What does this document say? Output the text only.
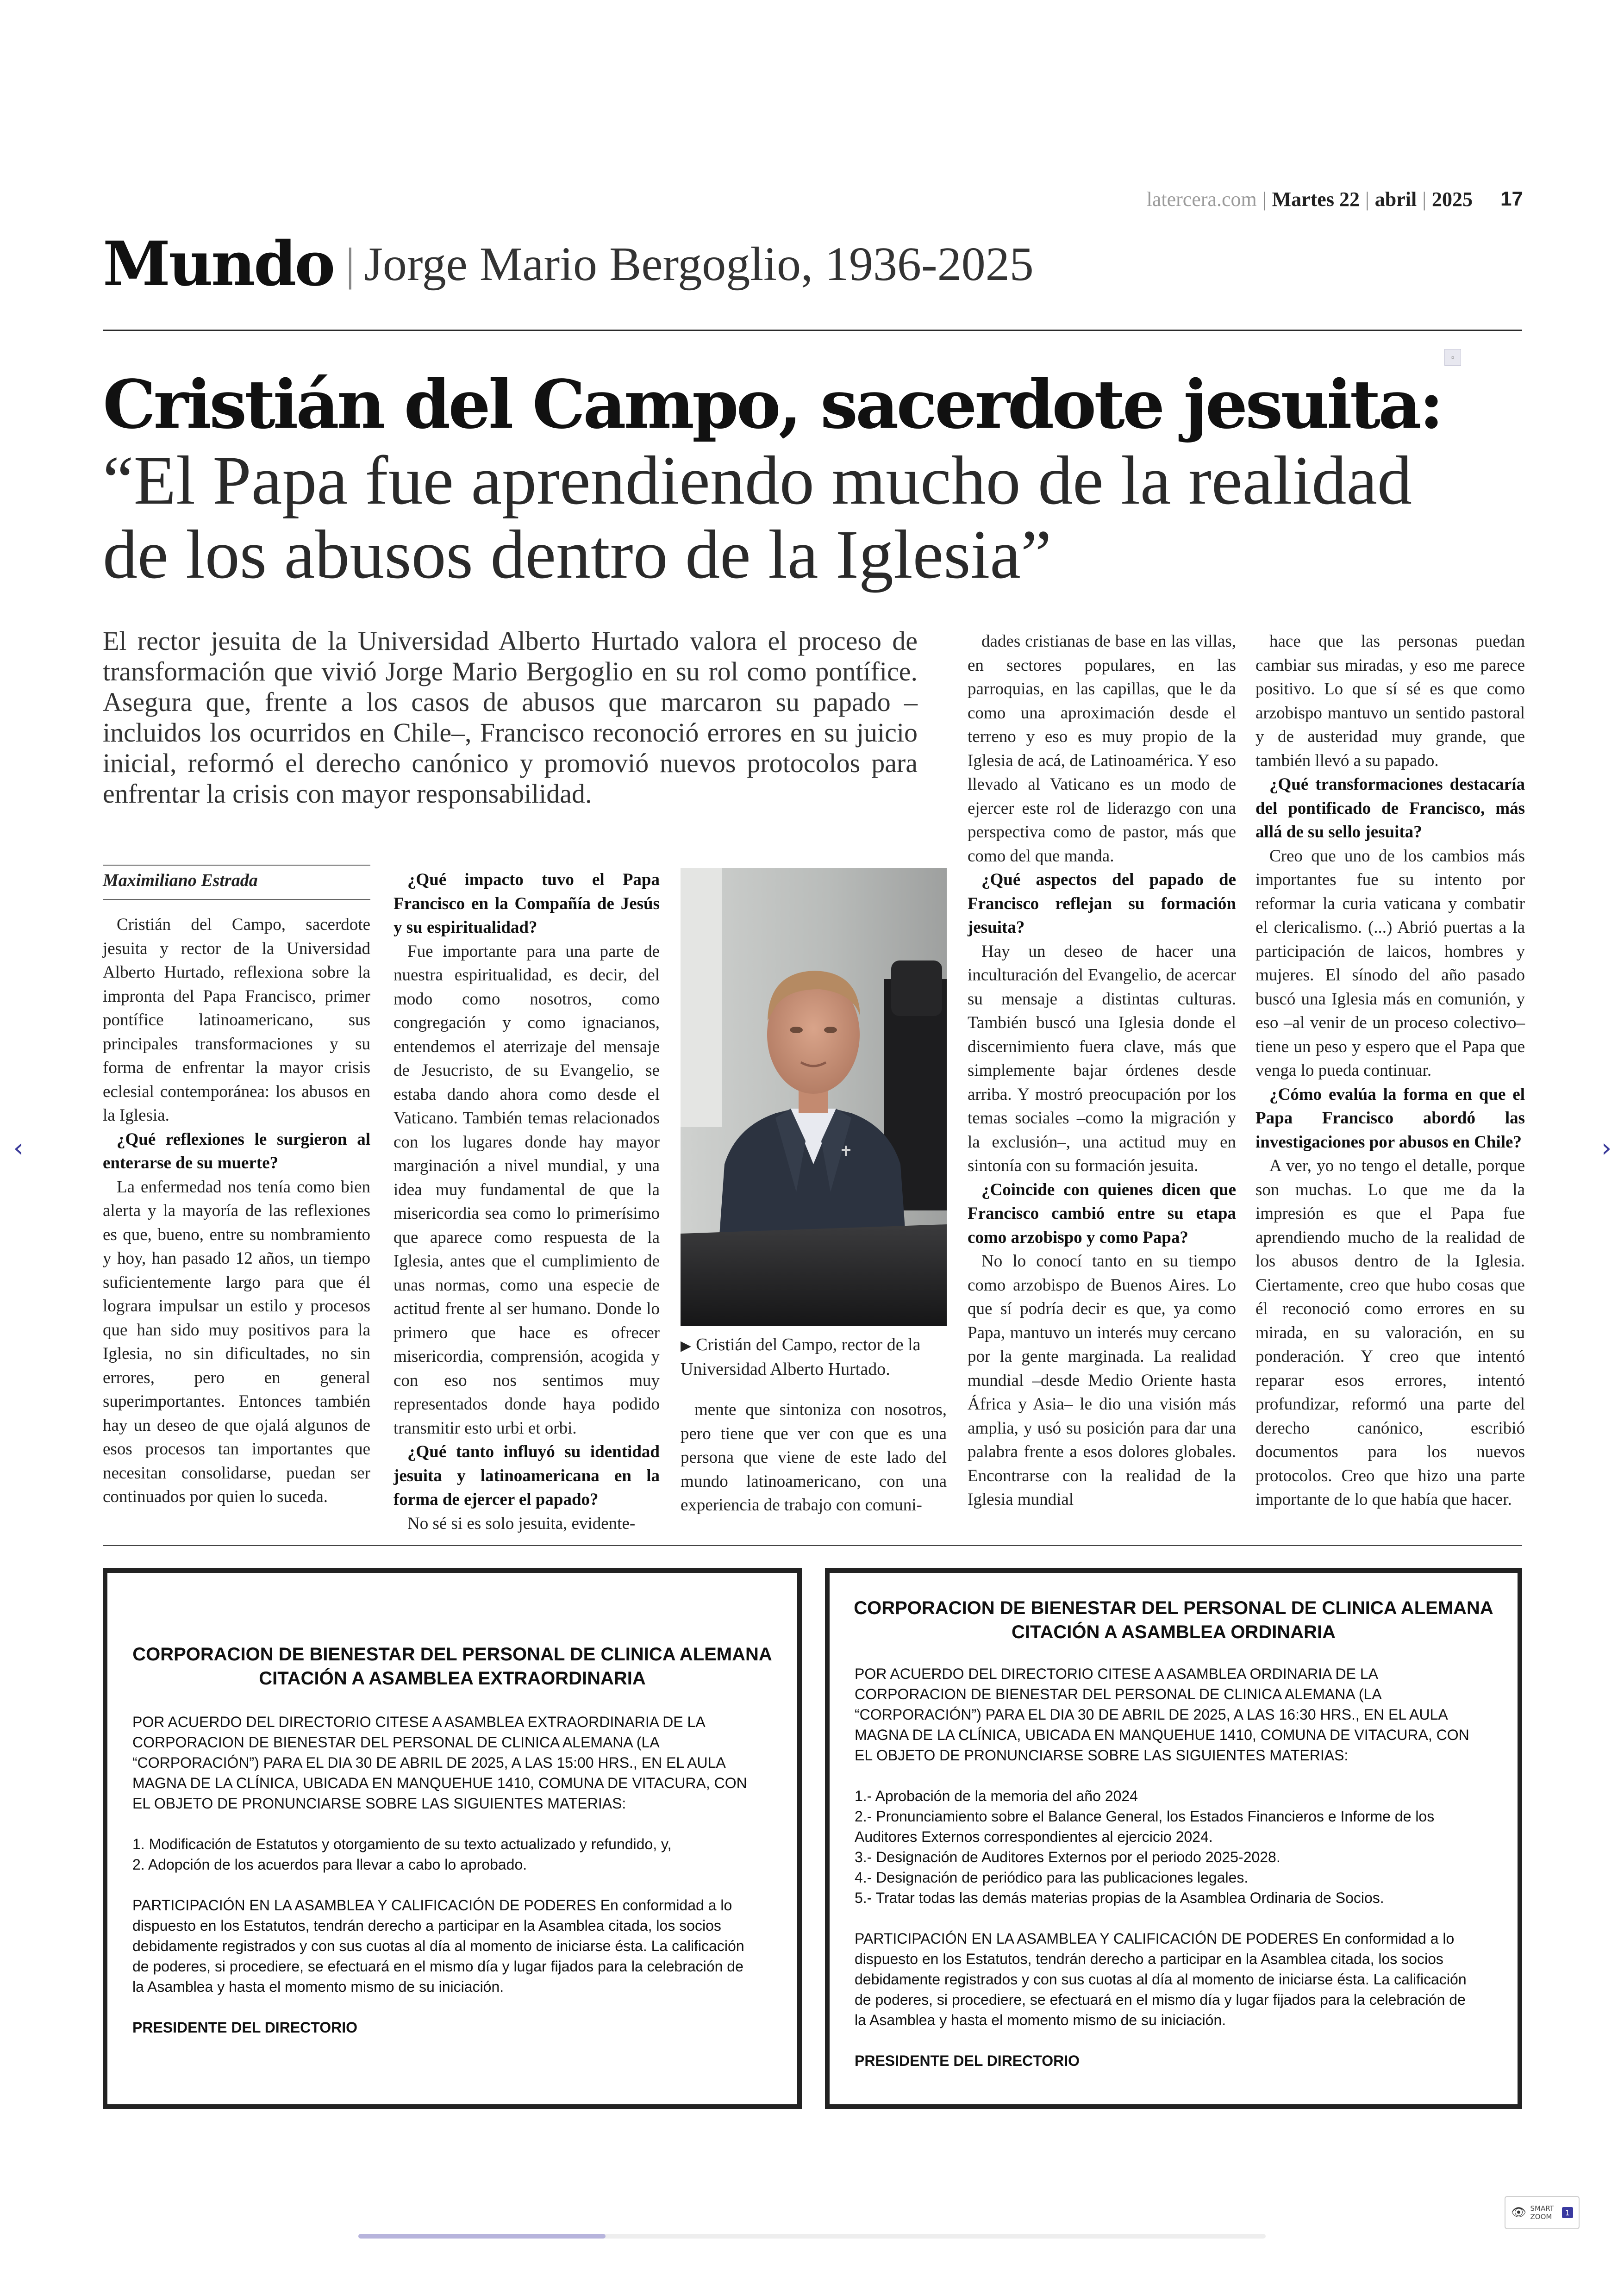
latercera.com | Martes
22 | abril | 2025 17
Mundo | Jorge Mario Bergoglio, 1936-2025
▫
Cristián del Campo, sacerdote jesuita:
“El Papa fue aprendiendo mucho de la realidad de los abusos dentro de la Iglesia”
El rector jesuita de la Universidad Alberto Hurtado valora el proceso de transformación que vivió Jorge Mario Bergoglio en su rol como pontífice. Asegura que, frente a los casos de abusos que marcaron su papado –incluidos los ocurridos en Chile–, Francisco reconoció errores en su juicio inicial, reformó el derecho canónico y promovió nuevos protocolos para enfrentar la crisis con mayor responsabilidad.
Maximiliano Estrada

Cristián del Campo, sacerdote jesuita y rector de la Universidad Alberto Hurtado, reflexiona sobre la impronta del Papa Francisco, primer pontífice latinoamericano, sus principales transformaciones y su forma de enfrentar la mayor crisis eclesial contemporánea: los abusos en la Iglesia.

¿Qué reflexiones le surgieron al enterarse de su muerte?

La enfermedad nos tenía como bien alerta y la mayoría de las reflexiones es que, bueno, entre su nombramiento y hoy, han pasado 12 años, un tiempo suficientemente largo para que él lograra impulsar un estilo y procesos que han sido muy positivos para la Iglesia, no sin dificultades, no sin errores, pero en general superimportantes. Entonces también hay un deseo de que ojalá algunos de esos procesos tan importantes que necesitan consolidarse, puedan ser continuados por quien lo suceda.

¿Qué impacto tuvo el Papa Francisco en la Compañía de Jesús y su espiritualidad?

Fue importante para una parte de nuestra espiritualidad, es decir, del modo como nosotros, como congregación y como ignacianos, entendemos el aterrizaje del mensaje de Jesucristo, de su Evangelio, se estaba dando ahora como desde el Vaticano. También temas relacionados con los lugares donde hay mayor marginación a nivel mundial, y una idea muy fundamental de que la misericordia sea como lo primerísimo que aparece como respuesta de la Iglesia, antes que el cumplimiento de unas normas, como una especie de actitud frente al ser humano. Donde lo primero que hace es ofrecer misericordia, comprensión, acogida y con eso nos sentimos muy representados donde haya podido transmitir esto urbi et orbi.

¿Qué tanto influyó su identidad jesuita y latinoamericana en la forma de ejercer el papado?

No sé si es solo jesuita, evidente-

mente que sintoniza con nosotros, pero tiene que ver con que es una persona que viene de este lado del mundo latinoamericano, con una experiencia de trabajo con comuni-

dades cristianas de base en las villas, en sectores populares, en las parroquias, en las capillas, que le da como una aproximación desde el terreno y eso es muy propio de la Iglesia de acá, de Latinoamérica. Y eso llevado al Vaticano es un modo de ejercer este rol de liderazgo con una perspectiva como de pastor, más que como del que manda.

¿Qué aspectos del papado de Francisco reflejan su formación jesuita?

Hay un deseo de hacer una inculturación del Evangelio, de acercar su mensaje a distintas culturas. También buscó una Iglesia donde el discernimiento fuera clave, más que simplemente bajar órdenes desde arriba. Y mostró preocupación por los temas sociales –como la migración y la exclusión–, una actitud muy en sintonía con su formación jesuita.

¿Coincide con quienes dicen que Francisco cambió entre su etapa como arzobispo y como Papa?

No lo conocí tanto en su tiempo como arzobispo de Buenos Aires. Lo que sí podría decir es que, ya como Papa, mantuvo un interés muy cercano por la gente marginada. La realidad mundial –desde Medio Oriente hasta África y Asia– le dio una visión más amplia, y usó su posición para dar una palabra frente a esos dolores globales. Encontrarse con la realidad de la Iglesia mundial

hace que las personas puedan cambiar sus miradas, y eso me parece positivo. Lo que sí sé es que como arzobispo mantuvo un sentido pastoral y de austeridad muy grande, que también llevó a su papado.

¿Qué transformaciones destacaría del pontificado de Francisco, más allá de su sello jesuita?

Creo que uno de los cambios más importantes fue su intento por reformar la curia vaticana y combatir el clericalismo. (...) Abrió puertas a la participación de laicos, hombres y mujeres. El sínodo del año pasado buscó una Iglesia más en comunión, y eso –al venir de un proceso colectivo– tiene un peso y espero que el Papa que venga lo pueda continuar.

¿Cómo evalúa la forma en que el Papa Francisco abordó las investigaciones por abusos en Chile?

A ver, yo no tengo el detalle, porque son muchas. Lo que me da la impresión es que el Papa fue aprendiendo mucho de la realidad de los abusos dentro de la Iglesia. Ciertamente, creo que hubo cosas que él reconoció como errores en su mirada, en su valoración, en su ponderación. Y creo que intentó reparar esos errores, intentó profundizar, reformó una parte del derecho canónico, escribió documentos para los nuevos protocolos. Creo que hizo una parte importante de lo que había que hacer.

▶ Cristián del Campo, rector de la Universidad Alberto Hurtado.
CORPORACION DE BIENESTAR DEL PERSONAL DE CLINICA ALEMANA
CITACIÓN A ASAMBLEA EXTRAORDINARIA

POR ACUERDO DEL DIRECTORIO CITESE A ASAMBLEA EXTRAORDINARIA DE LA CORPORACION DE BIENESTAR DEL PERSONAL DE CLINICA ALEMANA (LA “CORPORACIÓN”) PARA EL DIA 30 DE ABRIL DE 2025, A LAS 15:00 HRS., EN EL AULA MAGNA DE LA CLÍNICA, UBICADA EN MANQUEHUE 1410, COMUNA DE VITACURA, CON EL OBJETO DE PRONUNCIARSE SOBRE LAS SIGUIENTES MATERIAS:

1. Modificación de Estatutos y otorgamiento de su texto actualizado y refundido, y,
2. Adopción de los acuerdos para llevar a cabo lo aprobado.

PARTICIPACIÓN EN LA ASAMBLEA Y CALIFICACIÓN DE PODERES En conformidad a lo dispuesto en los Estatutos, tendrán derecho a participar en la Asamblea citada, los socios debidamente registrados y con sus cuotas al día al momento de iniciarse ésta. La calificación de poderes, si procediere, se efectuará en el mismo día y lugar fijados para la celebración de la Asamblea y hasta el momento mismo de su iniciación.

PRESIDENTE DEL DIRECTORIO

CORPORACION DE BIENESTAR DEL PERSONAL DE CLINICA ALEMANA
CITACIÓN A ASAMBLEA ORDINARIA

POR ACUERDO DEL DIRECTORIO CITESE A ASAMBLEA ORDINARIA DE LA CORPORACION DE BIENESTAR DEL PERSONAL DE CLINICA ALEMANA (LA “CORPORACIÓN”) PARA EL DIA 30 DE ABRIL DE 2025, A LAS 16:30 HRS., EN EL AULA MAGNA DE LA CLÍNICA, UBICADA EN MANQUEHUE 1410, COMUNA DE VITACURA, CON EL OBJETO DE PRONUNCIARSE SOBRE LAS SIGUIENTES MATERIAS:

1.- Aprobación de la memoria del año 2024
2.- Pronunciamiento sobre el Balance General, los Estados Financieros e Informe de los Auditores Externos correspondientes al ejercicio 2024.
3.- Designación de Auditores Externos por el periodo 2025-2028.
4.- Designación de periódico para las publicaciones legales.
5.- Tratar todas las demás materias propias de la Asamblea Ordinaria de Socios.

PARTICIPACIÓN EN LA ASAMBLEA Y CALIFICACIÓN DE PODERES En conformidad a lo dispuesto en los Estatutos, tendrán derecho a participar en la Asamblea citada, los socios debidamente registrados y con sus cuotas al día al momento de iniciarse ésta. La calificación de poderes, si procediere, se efectuará en el mismo día y lugar fijados para la celebración de la Asamblea y hasta el momento mismo de su iniciación.

PRESIDENTE DEL DIRECTORIO

‹	›
👁 SMART
ZOOM	1
